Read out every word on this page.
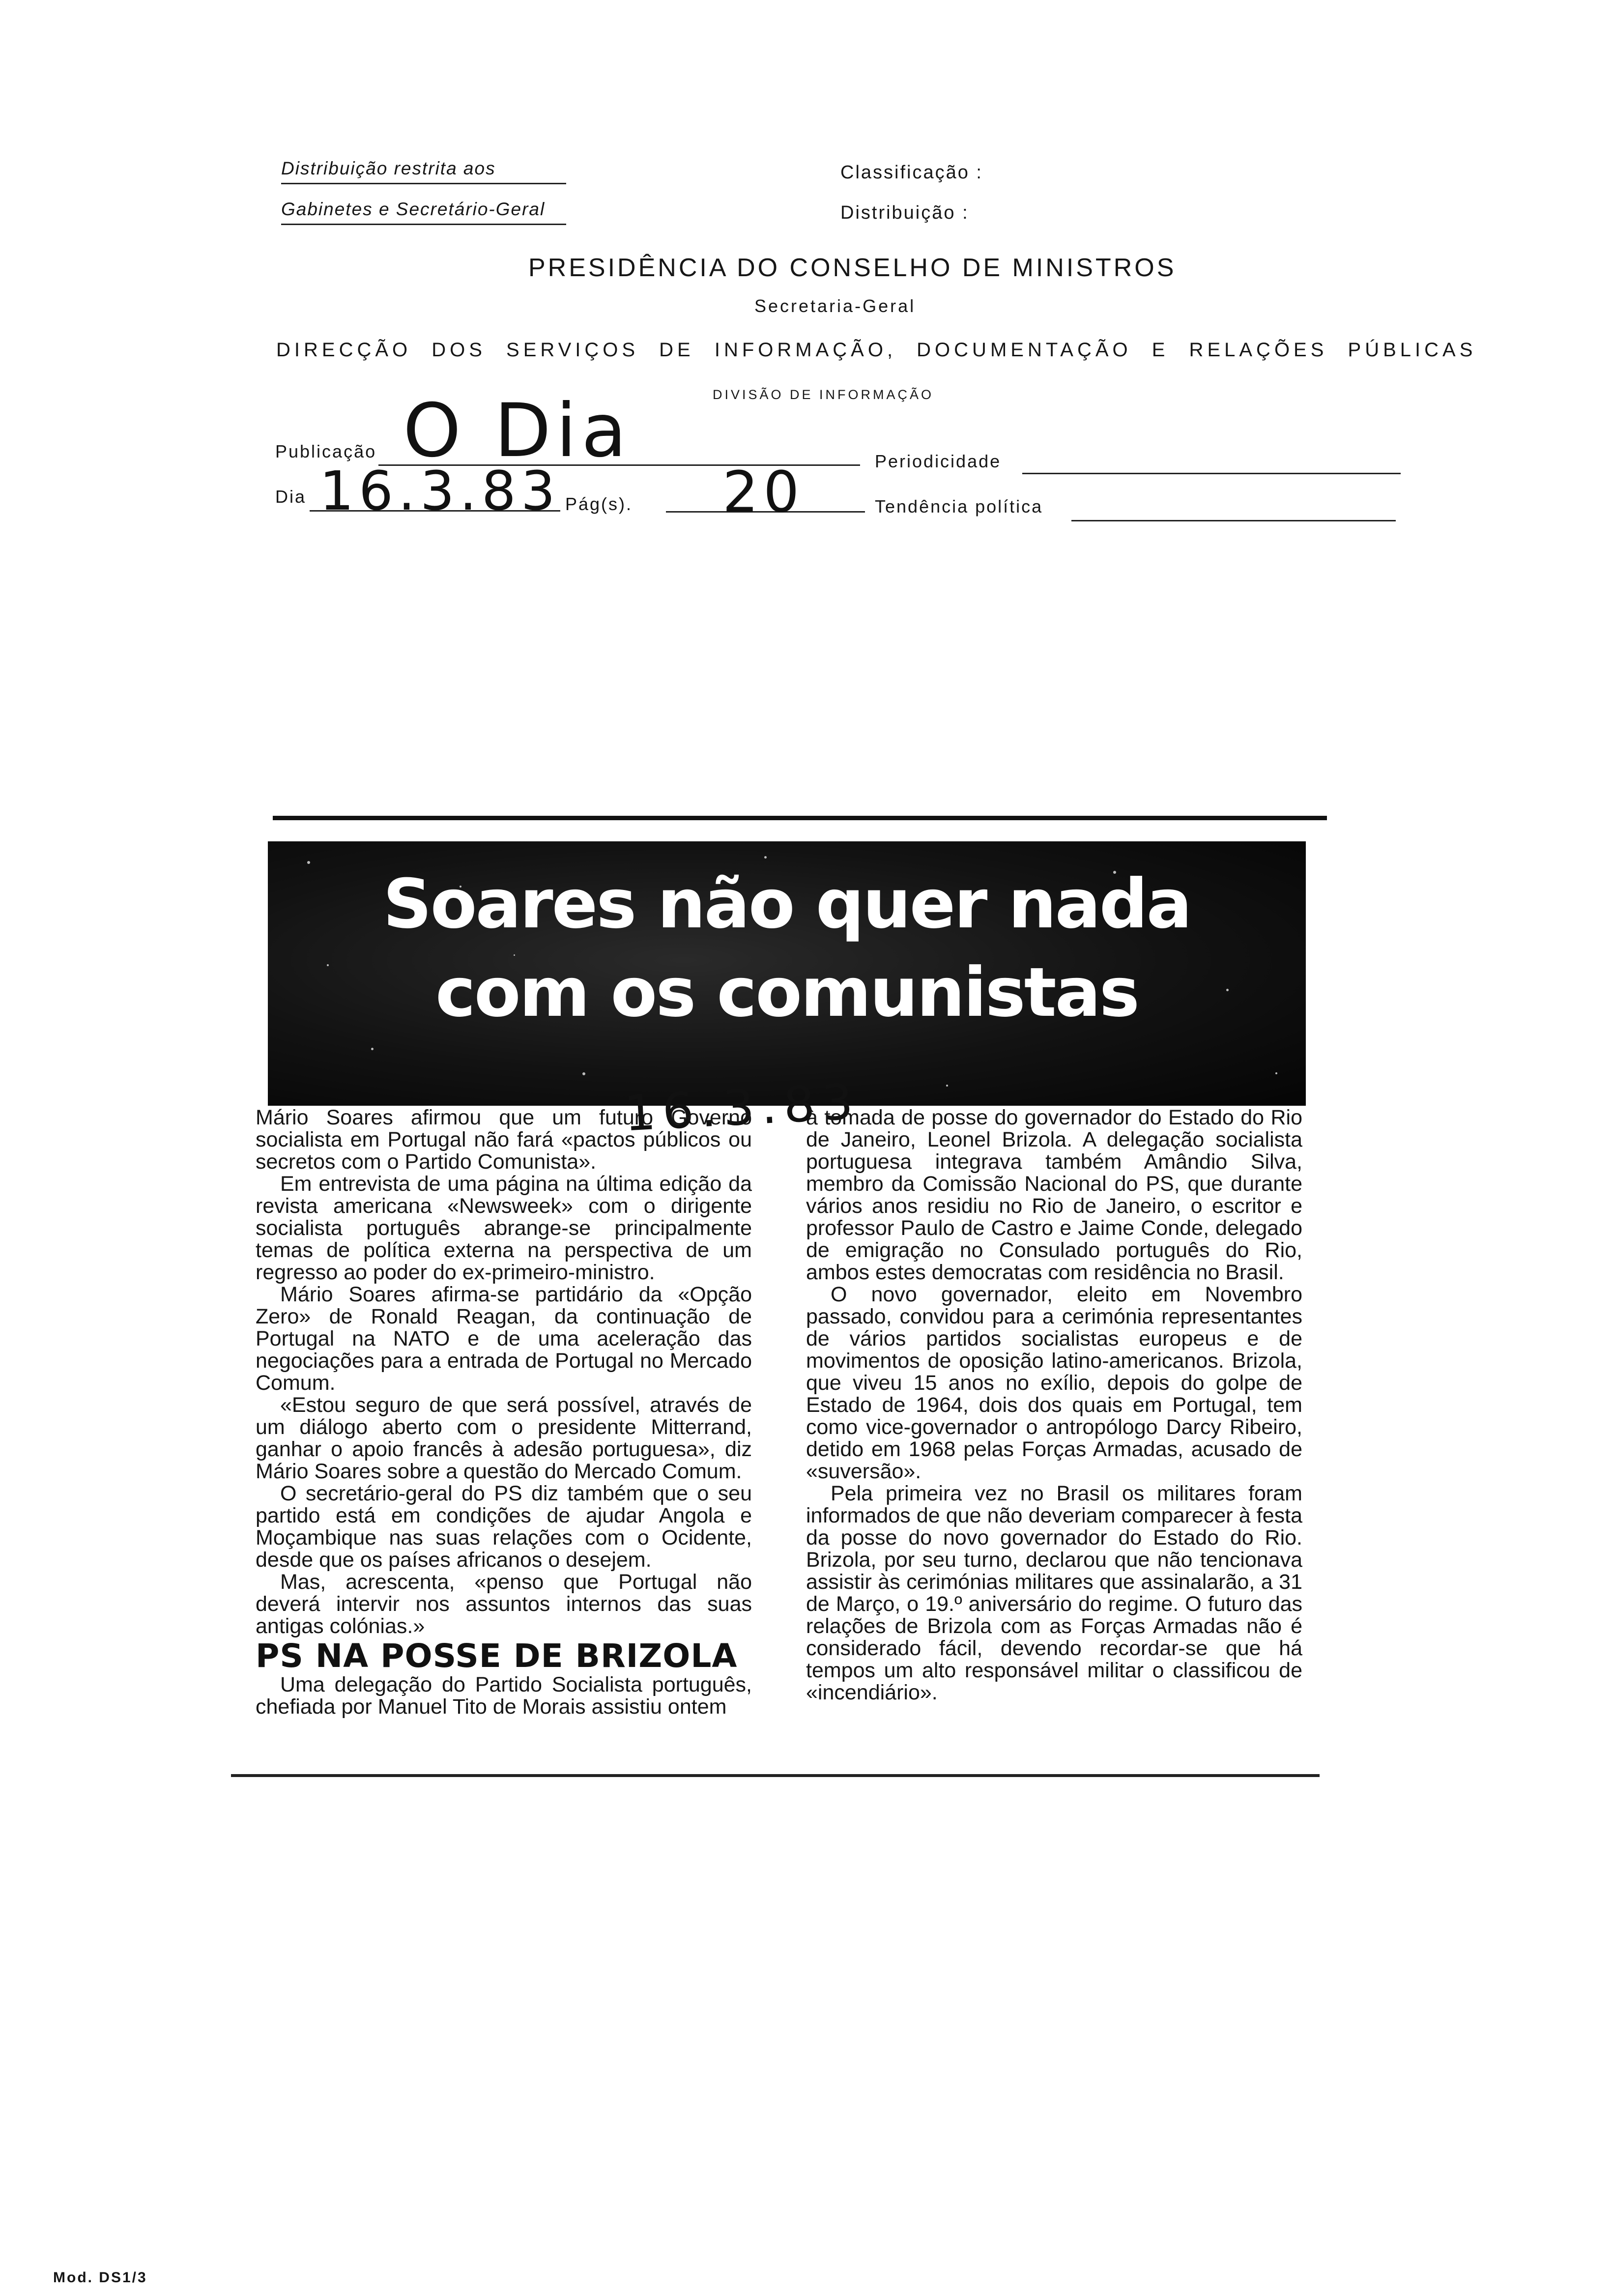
Distribuição restrita aos
Gabinetes e Secretário-Geral
Classificação :
Distribuição :
PRESIDÊNCIA DO CONSELHO DE MINISTROS
Secretaria-Geral
DIRECÇÃO DOS SERVIÇOS DE INFORMAÇÃO, DOCUMENTAÇÃO E RELAÇÕES PÚBLICAS
DIVISÃO DE INFORMAÇÃO
Publicação O Dia	Periodicidade
Dia 16.3.83 Pág(s). 20	Tendência política
Soares não quer nada
com os comunistas
16.3.83

Mário Soares afirmou que um futuro Governo socialista em Portugal não fará «pactos públicos ou secretos com o Partido Comunista».

Em entrevista de uma página na última edição da revista americana «Newsweek» com o dirigente socialista português abrange-se principalmente temas de política externa na perspectiva de um regresso ao poder do ex-primeiro-ministro.

Mário Soares afirma-se partidário da «Opção Zero» de Ronald Reagan, da continuação de Portugal na NATO e de uma aceleração das negociações para a entrada de Portugal no Mercado Comum.

«Estou seguro de que será possível, através de um diálogo aberto com o presidente Mitterrand, ganhar o apoio francês à adesão portuguesa», diz Mário Soares sobre a questão do Mercado Comum.

O secretário-geral do PS diz também que o seu partido está em condições de ajudar Angola e Moçambique nas suas relações com o Ocidente, desde que os países africanos o desejem.

Mas, acrescenta, «penso que Portugal não deverá intervir nos assuntos internos das suas antigas colónias.»

PS NA POSSE DE BRIZOLA

Uma delegação do Partido Socialista português, chefiada por Manuel Tito de Morais assistiu ontem

à tomada de posse do governador do Estado do Rio de Janeiro, Leonel Brizola. A delegação socialista portuguesa integrava também Amândio Silva, membro da Comissão Nacional do PS, que durante vários anos residiu no Rio de Janeiro, o escritor e professor Paulo de Castro e Jaime Conde, delegado de emigração no Consulado português do Rio, ambos estes democratas com residência no Brasil.

O novo governador, eleito em Novembro passado, convidou para a cerimónia representantes de vários partidos socialistas europeus e de movimentos de oposição latino-americanos. Brizola, que viveu 15 anos no exílio, depois do golpe de Estado de 1964, dois dos quais em Portugal, tem como vice-governador o antropólogo Darcy Ribeiro, detido em 1968 pelas Forças Armadas, acusado de «suversão».

Pela primeira vez no Brasil os militares foram informados de que não deveriam comparecer à festa da posse do novo governador do Estado do Rio. Brizola, por seu turno, declarou que não tencionava assistir às cerimónias militares que assinalarão, a 31 de Março, o 19.º aniversário do regime. O futuro das relações de Brizola com as Forças Armadas não é considerado fácil, devendo recordar-se que há tempos um alto responsável militar o classificou de «incendiário».

Mod. DS1/3
